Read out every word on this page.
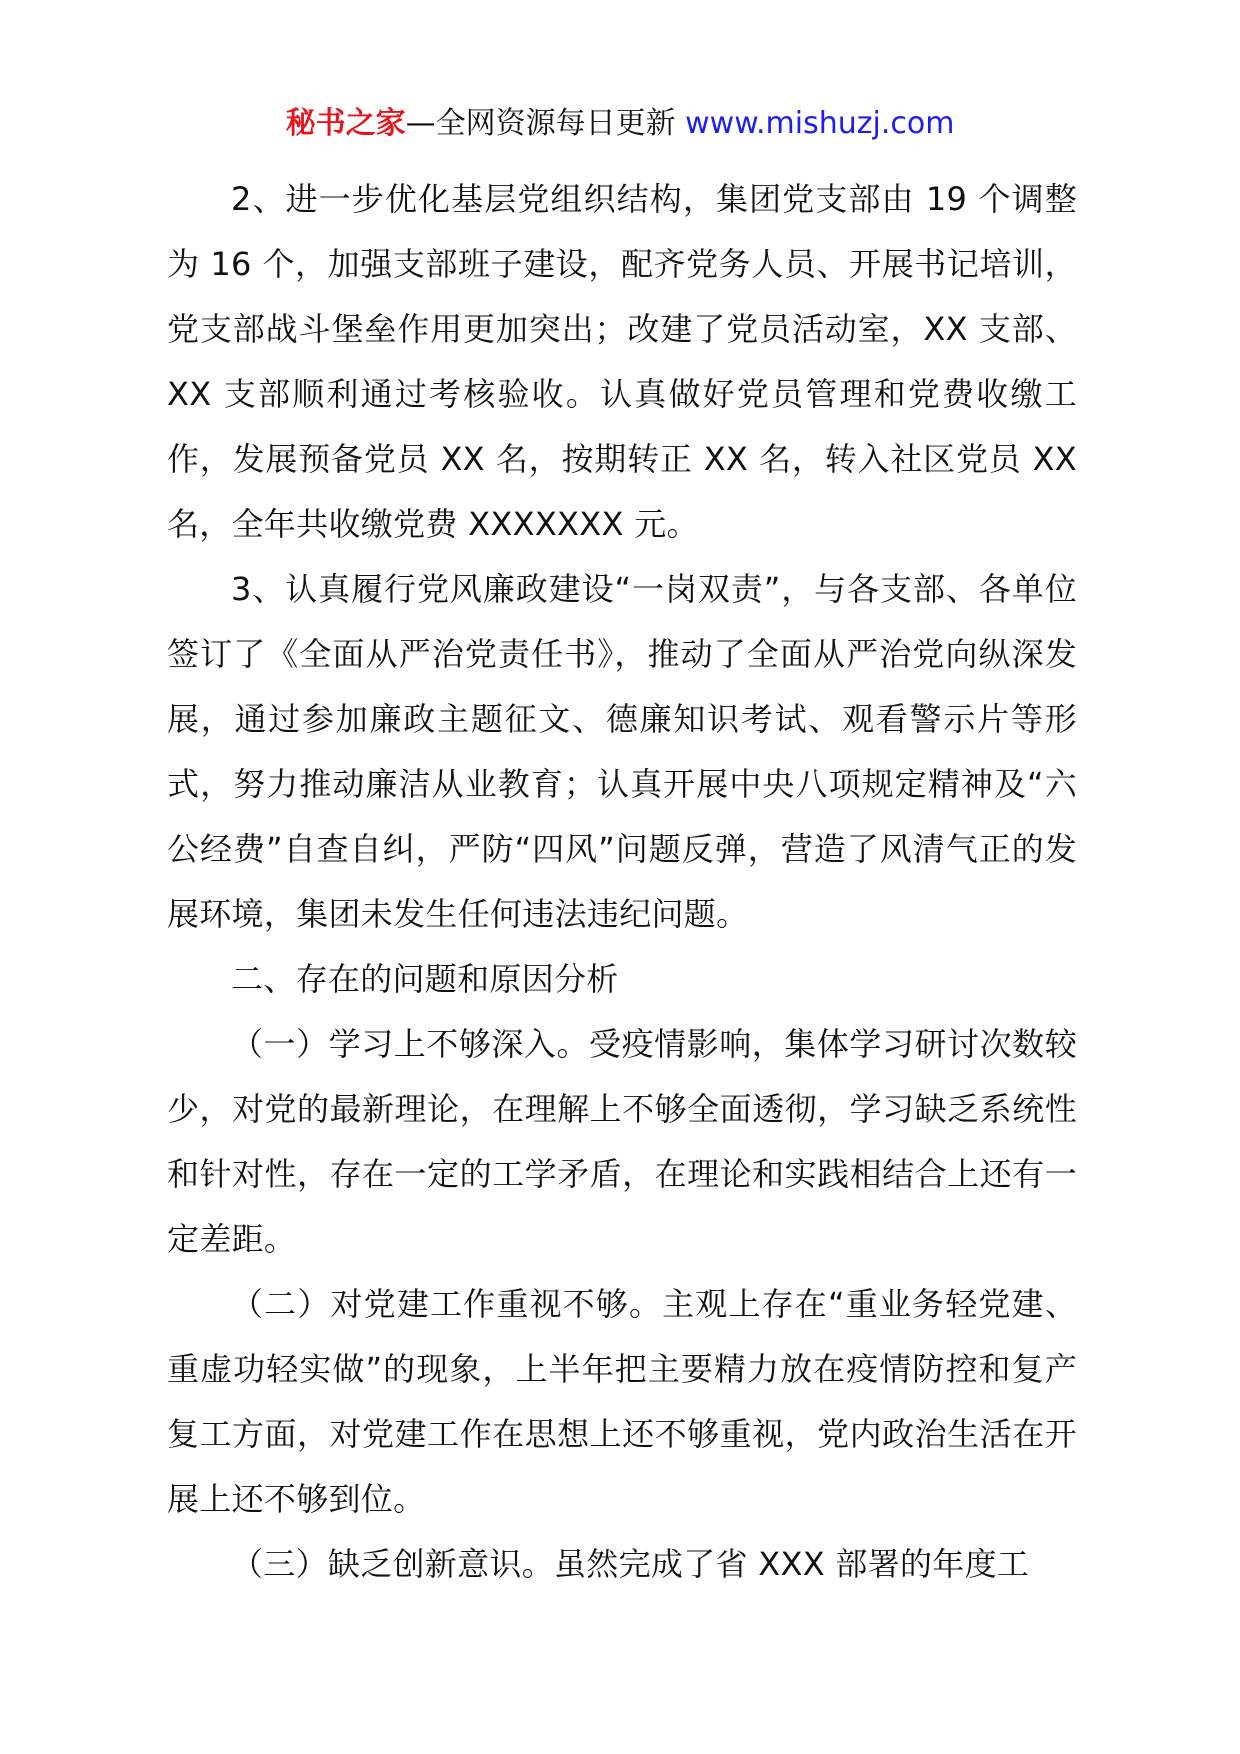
秘书之家—全网资源每日更新 www.mishuzj.com

2、进一步优化基层党组织结构，集团党支部由 19 个调整为 16 个，加强支部班子建设，配齐党务人员、开展书记培训，党支部战斗堡垒作用更加突出；改建了党员活动室，XX 支部、XX 支部顺利通过考核验收。认真做好党员管理和党费收缴工作，发展预备党员 XX 名，按期转正 XX 名，转入社区党员 XX 名，全年共收缴党费 XXXXXXX 元。

3、认真履行党风廉政建设“一岗双责”，与各支部、各单位签订了《全面从严治党责任书》，推动了全面从严治党向纵深发展，通过参加廉政主题征文、德廉知识考试、观看警示片等形式，努力推动廉洁从业教育；认真开展中央八项规定精神及“六公经费”自查自纠，严防“四风”问题反弹，营造了风清气正的发展环境，集团未发生任何违法违纪问题。

二、存在的问题和原因分析

（一）学习上不够深入。受疫情影响，集体学习研讨次数较少，对党的最新理论，在理解上不够全面透彻，学习缺乏系统性和针对性，存在一定的工学矛盾，在理论和实践相结合上还有一定差距。

（二）对党建工作重视不够。主观上存在“重业务轻党建、重虚功轻实做”的现象，上半年把主要精力放在疫情防控和复产复工方面，对党建工作在思想上还不够重视，党内政治生活在开展上还不够到位。

（三）缺乏创新意识。虽然完成了省 XXX 部署的年度工
